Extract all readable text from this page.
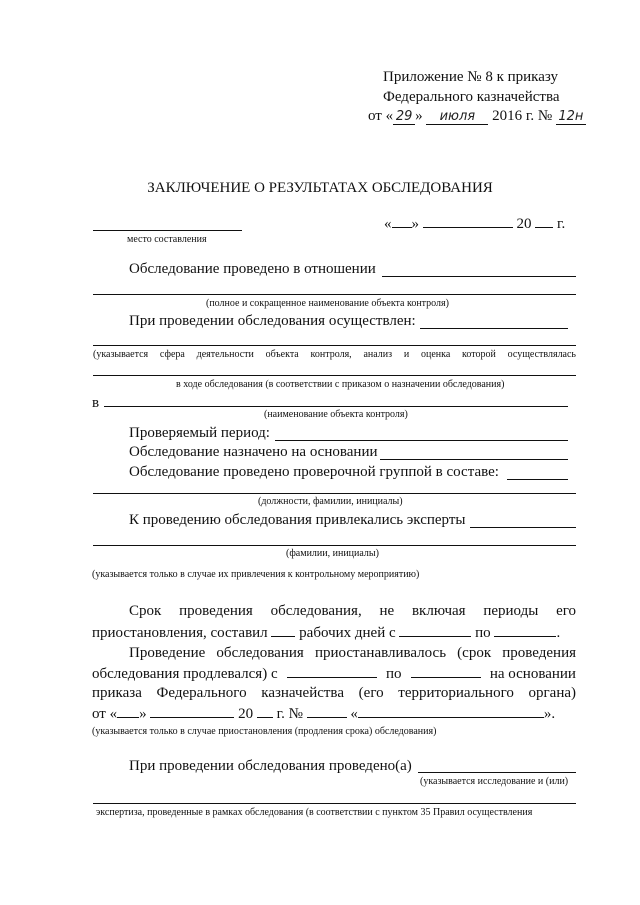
Приложение № 8 к приказу
Федерального казначейства
от « 29 » июля 2016 г. № 12н
ЗАКЛЮЧЕНИЕ О РЕЗУЛЬТАТАХ ОБСЛЕДОВАНИЯ
место составления
« »	20 г.
Обследование проведено в отношении
(полное и сокращенное наименование объекта контроля)
При проведении обследования осуществлен:
(указывается сфера деятельности объекта контроля, анализ и оценка которой осуществлялась
в ходе обследования (в соответствии с приказом о назначении обследования)
в
(наименование объекта контроля)
Проверяемый период:
Обследование назначено на основании
Обследование проведено проверочной группой в составе:
(должности, фамилии, инициалы)
К проведению обследования привлекались эксперты
(фамилии, инициалы)
(указывается только в случае их привлечения к контрольному мероприятию)
Срок проведения обследования, не включая периоды его
приостановления, составил рабочих дней с	по	.
Проведение обследования приостанавливалось (срок проведения
обследования продлевался) с	по	на основании
приказа Федерального казначейства (его территориального органа)
от « »	20 г. №	«	».
(указывается только в случае приостановления (продления срока) обследования)
При проведении обследования проведено(а)
(указывается исследование и (или)
экспертиза, проведенные в рамках обследования (в соответствии с пунктом 35 Правил осуществления
